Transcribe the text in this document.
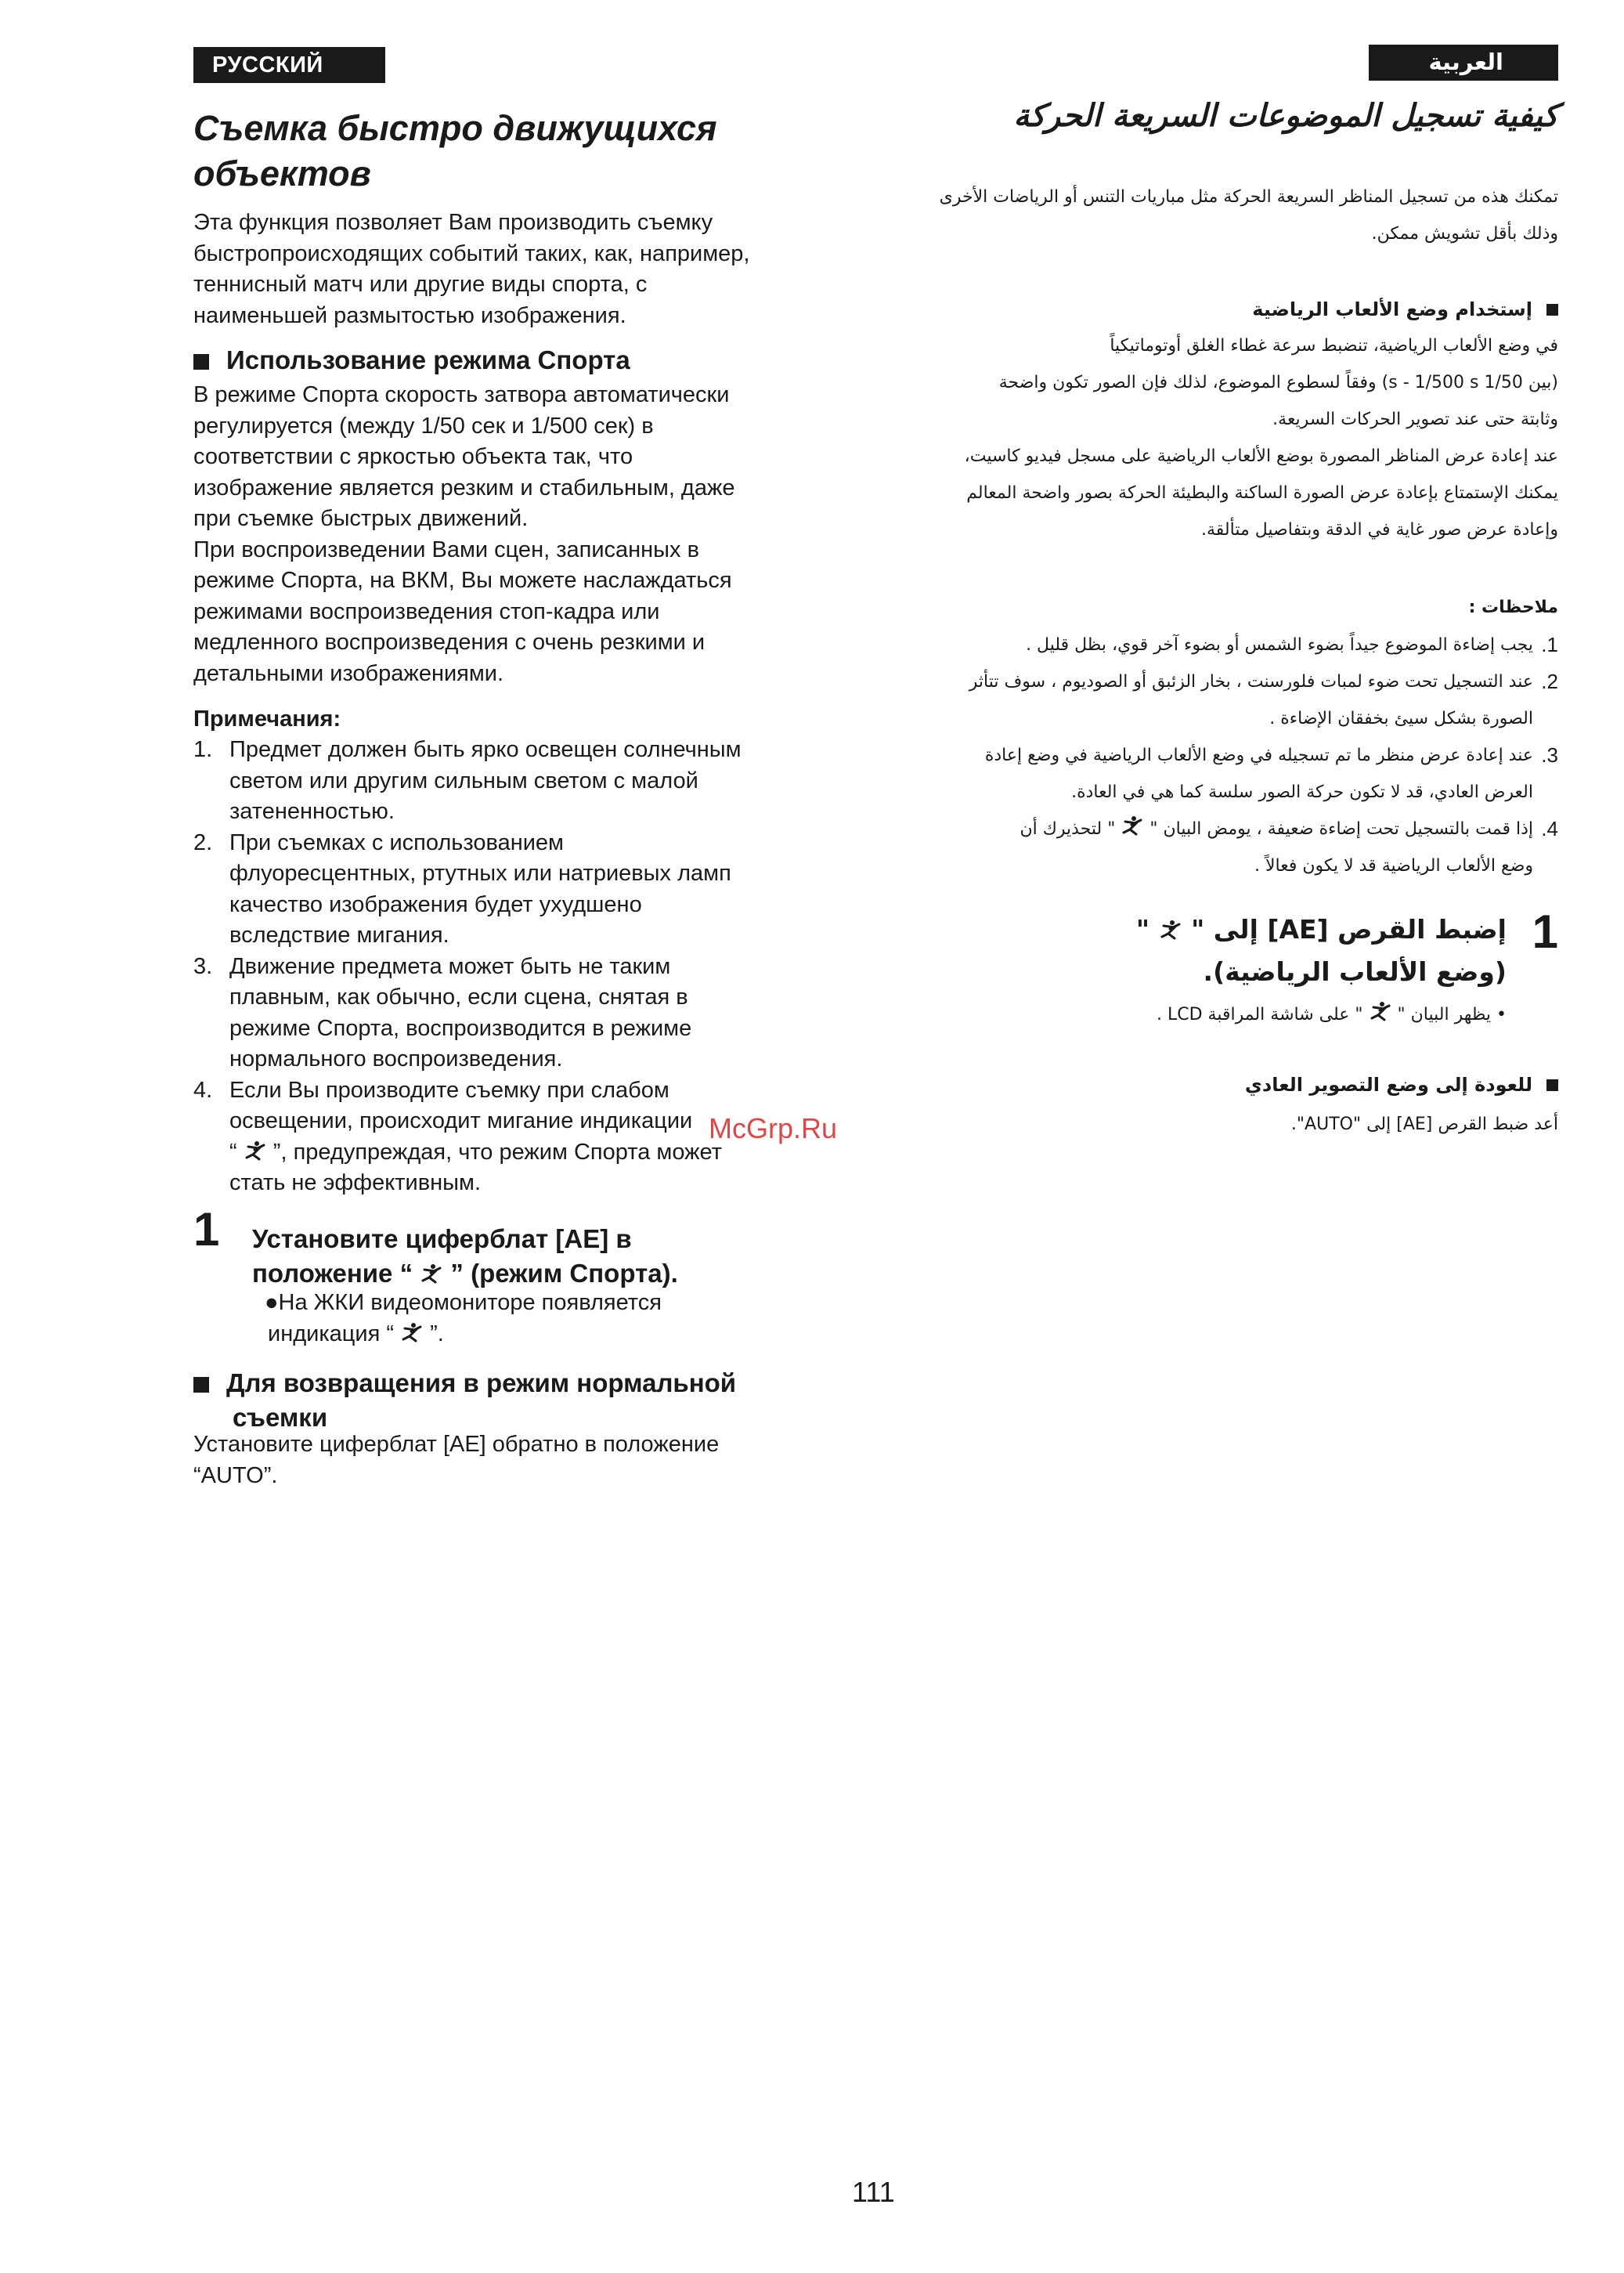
РУССКИЙ ЯЗЫК
Съемка быстро движущихся
объектов
Эта функция позволяет Вам производить съемку
быстропроисходящих событий таких, как, например,
теннисный матч или другие виды спорта, с
наименьшей размытостью изображения.
Использование режима Спорта
В режиме Спорта скорость затвора автоматически
регулируется (между 1/50 сек и 1/500 сек) в
соответствии с яркостью объекта так, что
изображение является резким и стабильным, даже
при съемке быстрых движений.
При воспроизведении Вами сцен, записанных в
режиме Спорта, на ВКМ, Вы можете наслаждаться
режимами воспроизведения стоп-кадра или
медленного воспроизведения с очень резкими и
детальными изображениями.
Примечания:
1. Предмет должен быть ярко освещен солнечным
светом или другим сильным светом с малой
затененностью.
2. При съемках с использованием
флуоресцентных, ртутных или натриевых ламп
качество изображения будет ухудшено
вследствие мигания.
3. Движение предмета может быть не таким
плавным, как обычно, если сцена, снятая в
режиме Спорта, воспроизводится в режиме
нормального воспроизведения.
4. Если Вы производите съемку при слабом
освещении, происходит мигание индикации
“ ”, предупреждая, что режим Спорта может
стать не эффективным.
1 Установите циферблат [AE] в
положение “ ” (режим Спорта).
●На ЖКИ видеомониторе появляется
индикация “ ”.
Для возвращения в режим нормальной
съемки
Установите циферблат [AE] обратно в положение
“AUTO”.
العربية
كيفية تسجيل الموضوعات السريعة الحركة
تمكنك هذه من تسجيل المناظر السريعة الحركة مثل مباريات التنس أو الرياضات الأخرى
وذلك بأقل تشويش ممكن.
إستخدام وضع الألعاب الرياضية
في وضع الألعاب الرياضية، تنضبط سرعة غطاء الغلق أوتوماتيكياً
(بين 1/50 s - 1/500 s) وفقاً لسطوع الموضوع، لذلك فإن الصور تكون واضحة
وثابتة حتى عند تصوير الحركات السريعة.
عند إعادة عرض المناظر المصورة بوضع الألعاب الرياضية على مسجل فيديو كاسيت،
يمكنك الإستمتاع بإعادة عرض الصورة الساكنة والبطيئة الحركة بصور واضحة المعالم
وإعادة عرض صور غاية في الدقة وبتفاصيل متألقة.
ملاحظات :
1.
يجب إضاءة الموضوع جيداً بضوء الشمس أو بضوء آخر قوي، بظل قليل .
2.
عند التسجيل تحت ضوء لمبات فلورسنت ، بخار الزئبق أو الصوديوم ، سوف تتأثر
الصورة بشكل سيئ بخفقان الإضاءة .
3.
عند إعادة عرض منظر ما تم تسجيله في وضع الألعاب الرياضية في وضع إعادة
العرض العادي، قد لا تكون حركة الصور سلسة كما هي في العادة.
4.
إذا قمت بالتسجيل تحت إضاءة ضعيفة ، يومض البيان "  " لتحذيرك أن
وضع الألعاب الرياضية قد لا يكون فعالاً .
1
إضبط القرص [AE] إلى "  "
(وضع الألعاب الرياضية).
• يظهر البيان "  " على شاشة المراقبة LCD .
للعودة إلى وضع التصوير العادي
أعد ضبط القرص [AE] إلى "AUTO".
McGrp.Ru
111
